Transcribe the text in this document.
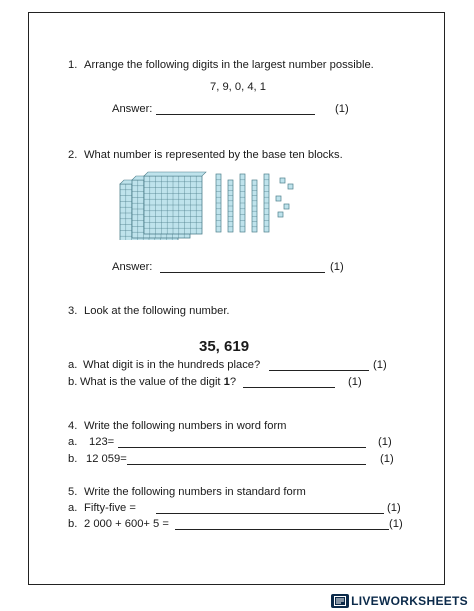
1. Arrange the following digits in the largest number possible.
7, 9, 0, 4, 1
Answer:	(1)
2. What number is represented by the base ten blocks.
Answer:	(1)
3. Look at the following number.
35, 619
a. What digit is in the hundreds place?	(1)
b. What is the value of the digit 1?	(1)
4. Write the following numbers in word form
a. 123=	(1)
b. 12 059=	(1)
5. Write the following numbers in standard form
a. Fifty-five =	(1)
b. 2 000 + 600+ 5 =	(1)
LIVEWORKSHEETS
